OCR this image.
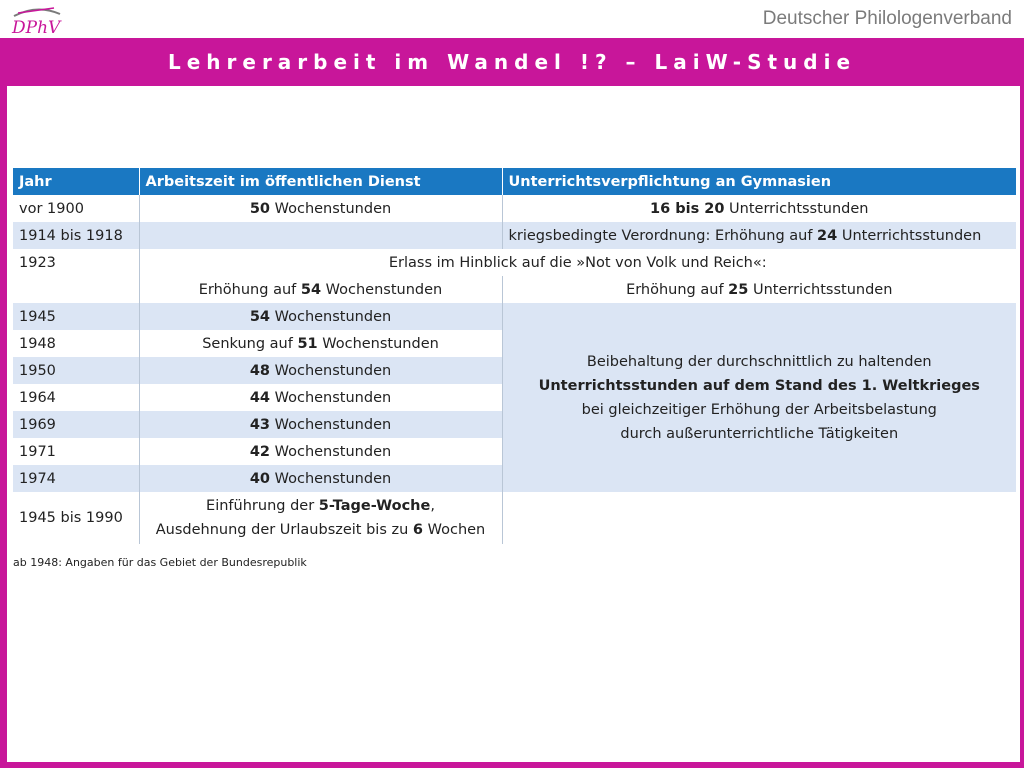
DPhV	Deutscher Philologenverband
Lehrerarbeit im Wandel !? – LaiW-Studie
Jahr	Arbeitszeit im öffentlichen Dienst	Unterrichtsverpflichtung an Gymnasien
vor 1900	50 Wochenstunden	16 bis 20 Unterrichtsstunden
1914 bis 1918		kriegsbedingte Verordnung: Erhöhung auf 24 Unterrichtsstunden
1923	Erlass im Hinblick auf die »Not von Volk und Reich«:	
	Erhöhung auf 54 Wochenstunden	Erhöhung auf 25 Unterrichtsstunden
1945	54 Wochenstunden	Beibehaltung der durchschnittlich zu haltenden
Unterrichtsstunden auf dem Stand des 1. Weltkrieges
bei gleichzeitiger Erhöhung der Arbeitsbelastung
durch außerunterrichtliche Tätigkeiten
1948	Senkung auf 51 Wochenstunden	
1950	48 Wochenstunden	
1964	44 Wochenstunden	
1969	43 Wochenstunden	
1971	42 Wochenstunden	
1974	40 Wochenstunden	
1945 bis 1990	Einführung der 5-Tage-Woche,
Ausdehnung der Urlaubszeit bis zu 6 Wochen	
ab 1948: Angaben für das Gebiet der Bundesrepublik
